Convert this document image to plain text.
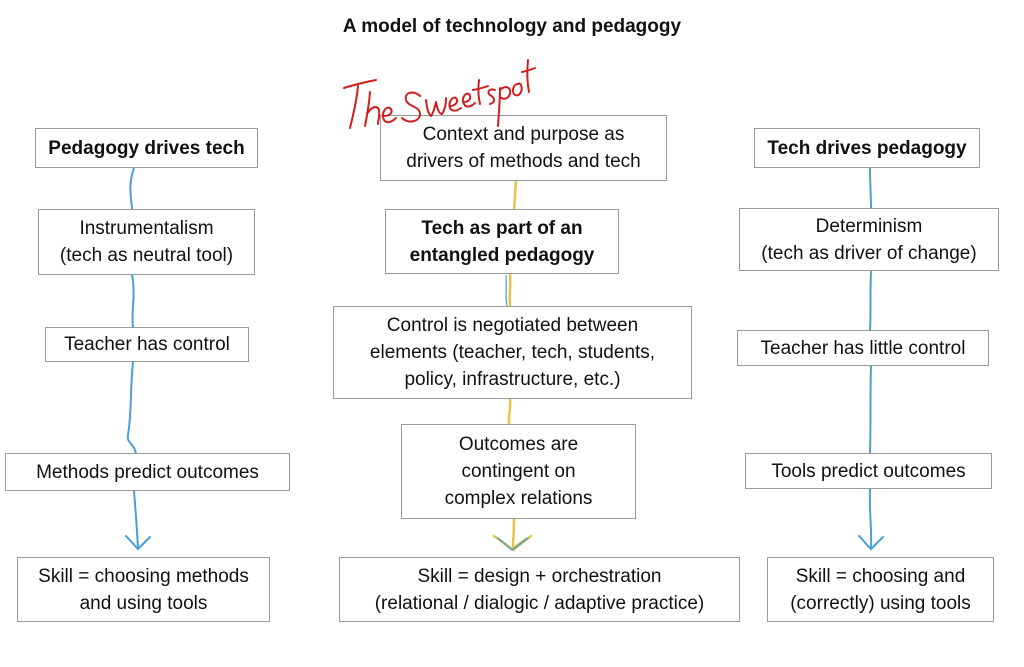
A model of technology and pedagogy
Pedagogy drives tech
Instrumentalism
(tech as neutral tool)
Teacher has control
Methods predict outcomes
Skill = choosing methods
and using tools
Context and purpose as
drivers of methods and tech
Tech as part of an
entangled pedagogy
Control is negotiated between
elements (teacher, tech, students,
policy, infrastructure, etc.)
Outcomes are
contingent on
complex relations
Skill = design + orchestration
(relational / dialogic / adaptive practice)
Tech drives pedagogy
Determinism
(tech as driver of change)
Teacher has little control
Tools predict outcomes
Skill = choosing and
(correctly) using tools
